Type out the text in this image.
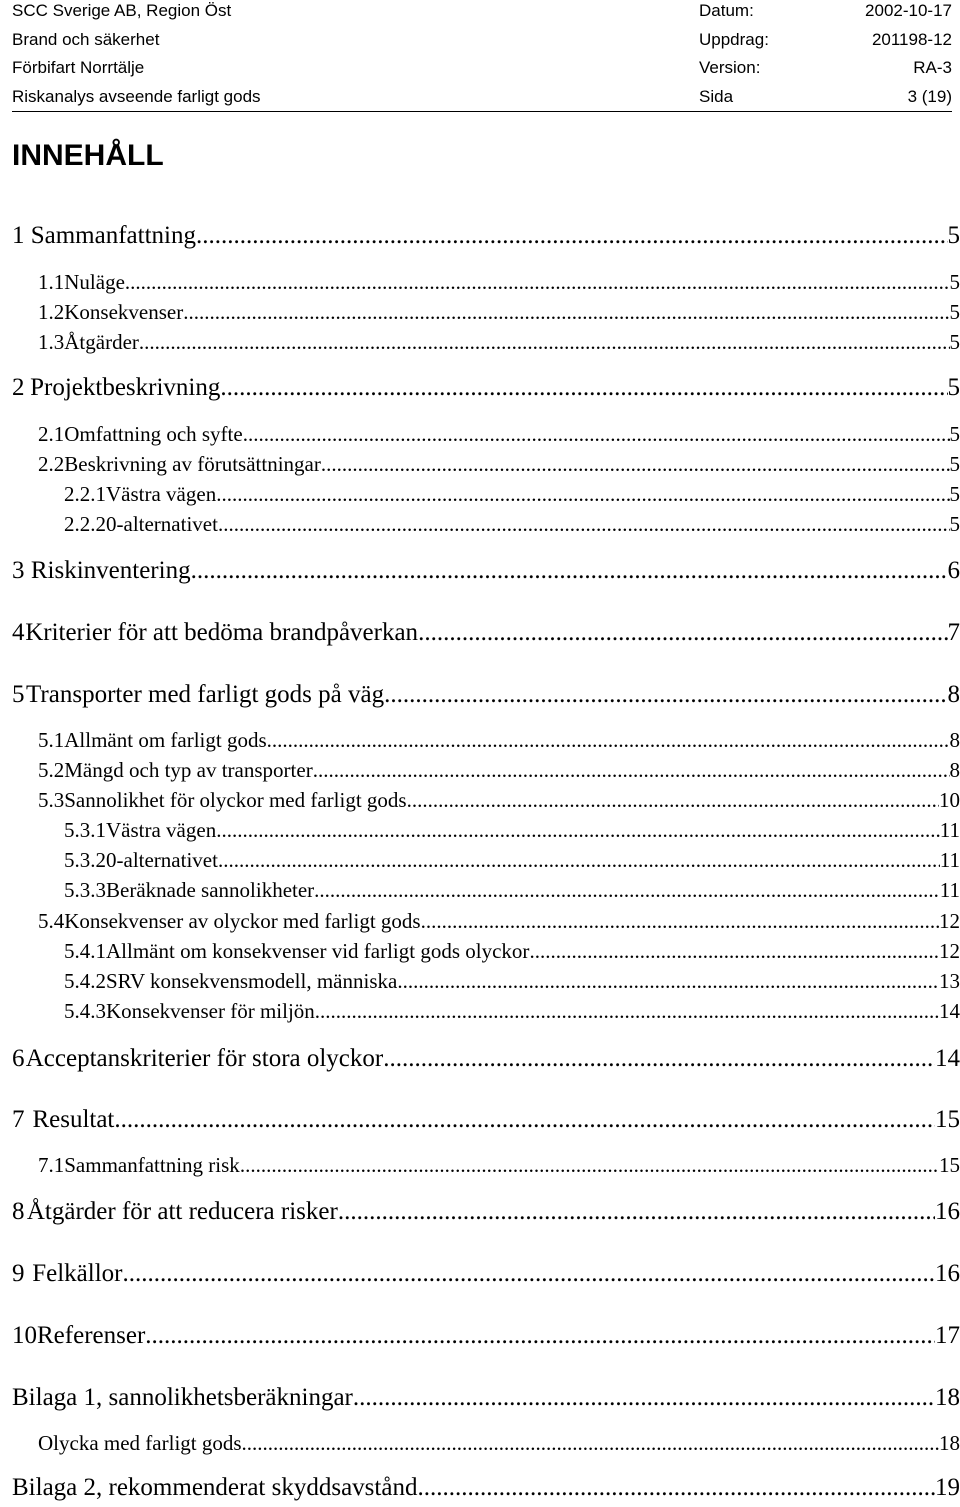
SCC Sverige AB, Region Öst	Datum:	2002-10-17
Brand och säkerhet	Uppdrag:	201198-12
Förbifart Norrtälje	Version:	RA-3
Riskanalys avseende farligt gods	Sida	3 (19)
INNEHÅLL
1 Sammanfattning .....	5
1.1 Nuläge .....	5
1.2 Konsekvenser .....	5
1.3 Åtgärder .....	5
2 Projektbeskrivning .....	5
2.1 Omfattning och syfte .....	5
2.2 Beskrivning av förutsättningar .....	5
2.2.1 Västra vägen .....	5
2.2.2 0-alternativet .....	5
3 Riskinventering .....	6
4 Kriterier för att bedöma brandpåverkan .....	7
5 Transporter med farligt gods på väg .....	8
5.1 Allmänt om farligt gods .....	8
5.2 Mängd och typ av transporter .....	8
5.3 Sannolikhet för olyckor med farligt gods .....	10
5.3.1 Västra vägen .....	11
5.3.2 0-alternativet .....	11
5.3.3 Beräknade sannolikheter .....	11
5.4 Konsekvenser av olyckor med farligt gods .....	12
5.4.1 Allmänt om konsekvenser vid farligt gods olyckor .....	12
5.4.2 SRV konsekvensmodell, människa .....	13
5.4.3 Konsekvenser för miljön .....	14
6 Acceptanskriterier för stora olyckor .....	14
7 Resultat .....	15
7.1 Sammanfattning risk .....	15
8 Åtgärder för att reducera risker .....	16
9 Felkällor .....	16
10 Referenser .....	17
Bilaga 1, sannolikhetsberäkningar .....	18
Olycka med farligt gods .....	18
Bilaga 2, rekommenderat skyddsavstånd .....	19
